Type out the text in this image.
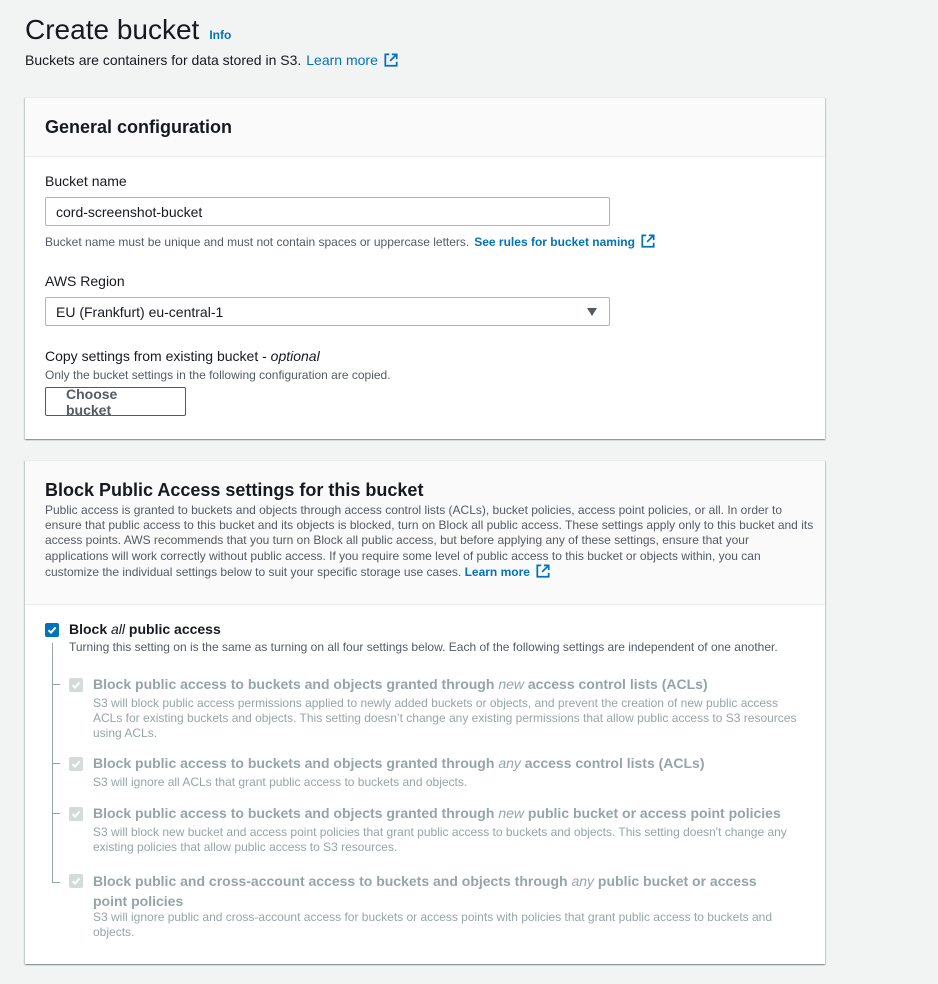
Create bucket Info
Buckets are containers for data stored in S3. Learn more
General configuration
Bucket name
cord-screenshot-bucket
Bucket name must be unique and must not contain spaces or uppercase letters. See rules for bucket naming
AWS Region
EU (Frankfurt) eu-central-1
Copy settings from existing bucket - optional
Only the bucket settings in the following configuration are copied.
Choose bucket
Block Public Access settings for this bucket
Public access is granted to buckets and objects through access control lists (ACLs), bucket policies, access point policies, or all. In order to ensure that public access to this bucket and its objects is blocked, turn on Block all public access. These settings apply only to this bucket and its access points. AWS recommends that you turn on Block all public access, but before applying any of these settings, ensure that your applications will work correctly without public access. If you require some level of public access to this bucket or objects within, you can customize the individual settings below to suit your specific storage use cases. Learn more
Block all public access
Turning this setting on is the same as turning on all four settings below. Each of the following settings are independent of one another.
Block public access to buckets and objects granted through new access control lists (ACLs)
S3 will block public access permissions applied to newly added buckets or objects, and prevent the creation of new public access ACLs for existing buckets and objects. This setting doesn’t change any existing permissions that allow public access to S3 resources using ACLs.
Block public access to buckets and objects granted through any access control lists (ACLs)
S3 will ignore all ACLs that grant public access to buckets and objects.
Block public access to buckets and objects granted through new public bucket or access point policies
S3 will block new bucket and access point policies that grant public access to buckets and objects. This setting doesn't change any existing policies that allow public access to S3 resources.
Block public and cross-account access to buckets and objects through any public bucket or access point policies
S3 will ignore public and cross-account access for buckets or access points with policies that grant public access to buckets and objects.
